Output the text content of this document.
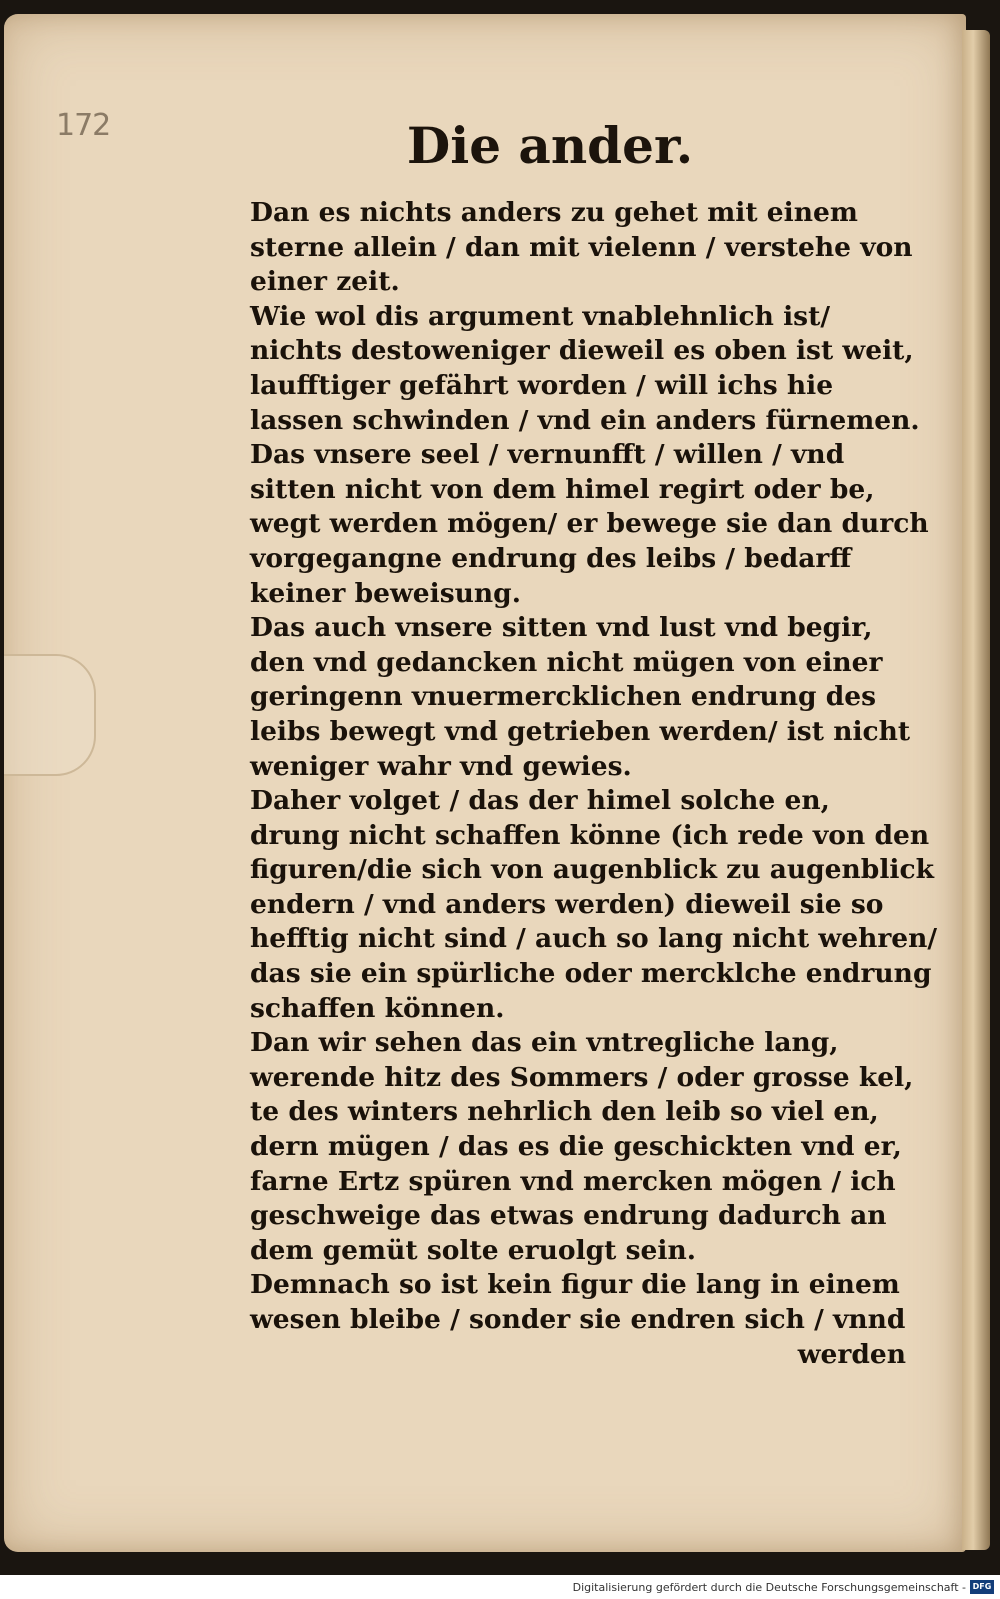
172	Die ander.
Dan es nichts anders zu gehet mit einem
sterne allein / dan mit vielenn / verstehe von
einer zeit.
Wie wol dis argument vnablehnlich ist/
nichts destoweniger dieweil es oben ist weit,
laufftiger gefährt worden / will ichs hie
lassen schwinden / vnd ein anders fürnemen.
Das vnsere seel / vernunfft / willen / vnd
sitten nicht von dem himel regirt oder be,
wegt werden mögen/ er bewege sie dan durch
vorgegangne endrung des leibs / bedarff
keiner beweisung.
Das auch vnsere sitten vnd lust vnd begir,
den vnd gedancken nicht mügen von einer
geringenn vnuermercklichen endrung des
leibs bewegt vnd getrieben werden/ ist nicht
weniger wahr vnd gewies.
Daher volget / das der himel solche en,
drung nicht schaffen könne (ich rede von den
figuren/die sich von augenblick zu augenblick
endern / vnd anders werden) dieweil sie so
hefftig nicht sind / auch so lang nicht wehren/
das sie ein spürliche oder mercklche endrung
schaffen können.
Dan wir sehen das ein vntregliche lang,
werende hitz des Sommers / oder grosse kel,
te des winters nehrlich den leib so viel en,
dern mügen / das es die geschickten vnd er,
farne Ertz spüren vnd mercken mögen / ich
geschweige das etwas endrung dadurch an
dem gemüt solte eruolgt sein.
Demnach so ist kein figur die lang in einem
wesen bleibe / sonder sie endren sich / vnnd
werden
Digitalisierung gefördert durch die Deutsche Forschungsgemeinschaft - DFG
